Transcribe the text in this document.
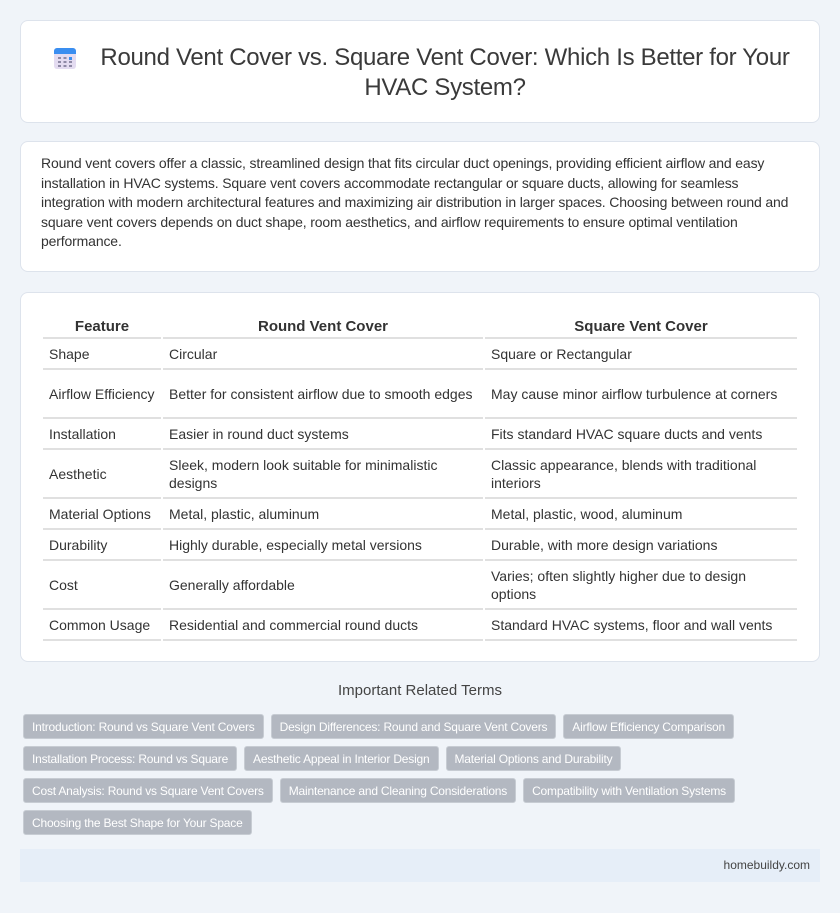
Round Vent Cover vs. Square Vent Cover: Which Is Better for Your HVAC System?

Round vent covers offer a classic, streamlined design that fits circular duct openings, providing efficient airflow and easy installation in HVAC systems. Square vent covers accommodate rectangular or square ducts, allowing for seamless integration with modern architectural features and maximizing air distribution in larger spaces. Choosing between round and square vent covers depends on duct shape, room aesthetics, and airflow requirements to ensure optimal ventilation performance.

Feature	Round Vent Cover	Square Vent Cover
Shape	Circular	Square or Rectangular
Airflow Efficiency	Better for consistent airflow due to smooth edges	May cause minor airflow turbulence at corners
Installation	Easier in round duct systems	Fits standard HVAC square ducts and vents
Aesthetic	Sleek, modern look suitable for minimalistic designs	Classic appearance, blends with traditional interiors
Material Options	Metal, plastic, aluminum	Metal, plastic, wood, aluminum
Durability	Highly durable, especially metal versions	Durable, with more design variations
Cost	Generally affordable	Varies; often slightly higher due to design options
Common Usage	Residential and commercial round ducts	Standard HVAC systems, floor and wall vents
Important Related Terms
Introduction: Round vs Square Vent Covers	Design Differences: Round and Square Vent Covers	Airflow Efficiency Comparison
Installation Process: Round vs Square	Aesthetic Appeal in Interior Design	Material Options and Durability
Cost Analysis: Round vs Square Vent Covers	Maintenance and Cleaning Considerations	Compatibility with Ventilation Systems
Choosing the Best Shape for Your Space
homebuildy.com
